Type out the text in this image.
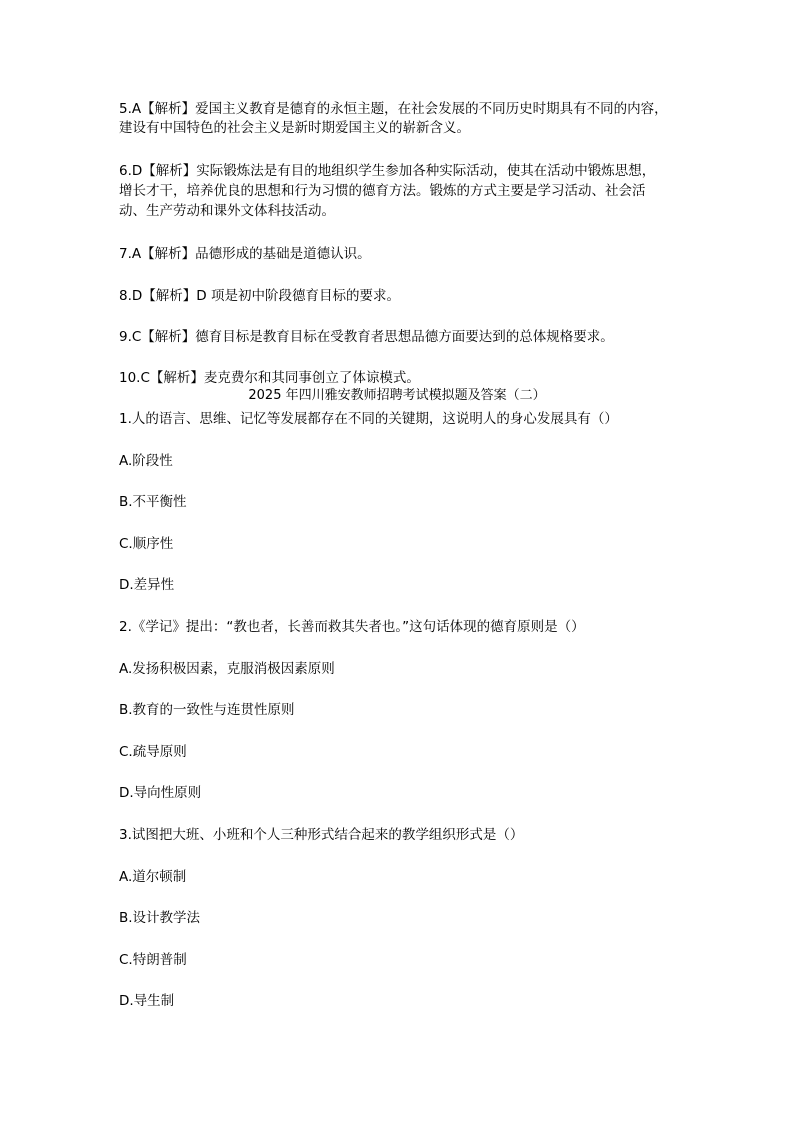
5.A【解析】爱国主义教育是德育的永恒主题，在社会发展的不同历史时期具有不同的内容，
建设有中国特色的社会主义是新时期爱国主义的崭新含义。
6.D【解析】实际锻炼法是有目的地组织学生参加各种实际活动，使其在活动中锻炼思想，
增长才干，培养优良的思想和行为习惯的德育方法。锻炼的方式主要是学习活动、社会活
动、生产劳动和课外文体科技活动。
7.A【解析】品德形成的基础是道德认识。
8.D【解析】D 项是初中阶段德育目标的要求。
9.C【解析】德育目标是教育目标在受教育者思想品德方面要达到的总体规格要求。
10.C【解析】麦克费尔和其同事创立了体谅模式。
2025 年四川雅安教师招聘考试模拟题及答案（二）
1.人的语言、思维、记忆等发展都存在不同的关键期，这说明人的身心发展具有（）
A.阶段性
B.不平衡性
C.顺序性
D.差异性
2.《学记》提出：“教也者，长善而救其失者也。”这句话体现的德育原则是（）
A.发扬积极因素，克服消极因素原则
B.教育的一致性与连贯性原则
C.疏导原则
D.导向性原则
3.试图把大班、小班和个人三种形式结合起来的教学组织形式是（）
A.道尔顿制
B.设计教学法
C.特朗普制
D.导生制
